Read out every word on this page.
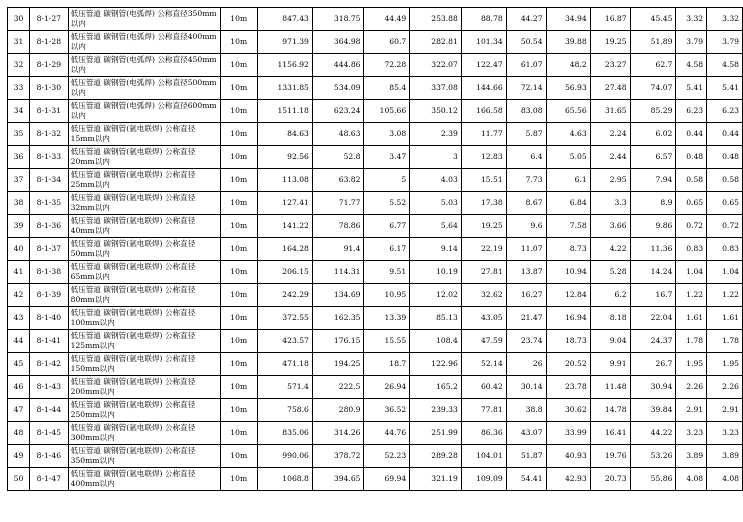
30	8-1-27	低压管道 碳钢管(电弧焊) 公称直径350mm以内	10m	847.43	318.75	44.49	253.88	88.78	44.27	34.94	16.87	45.45	3.32	3.32
31	8-1-28	低压管道 碳钢管(电弧焊) 公称直径400mm以内	10m	971.39	364.98	60.7	282.81	101.34	50.54	39.88	19.25	51.89	3.79	3.79
32	8-1-29	低压管道 碳钢管(电弧焊) 公称直径450mm以内	10m	1156.92	444.86	72.28	322.07	122.47	61.07	48.2	23.27	62.7	4.58	4.58
33	8-1-30	低压管道 碳钢管(电弧焊) 公称直径500mm以内	10m	1331.85	534.09	85.4	337.08	144.66	72.14	56.93	27.48	74.07	5.41	5.41
34	8-1-31	低压管道 碳钢管(电弧焊) 公称直径600mm以内	10m	1511.18	623.24	105.66	350.12	166.58	83.08	65.56	31.65	85.29	6.23	6.23
35	8-1-32	低压管道 碳钢管(氩电联焊) 公称直径15mm以内	10m	84.63	48.63	3.08	2.39	11.77	5.87	4.63	2.24	6.02	0.44	0.44
36	8-1-33	低压管道 碳钢管(氩电联焊) 公称直径20mm以内	10m	92.56	52.8	3.47	3	12.83	6.4	5.05	2.44	6.57	0.48	0.48
37	8-1-34	低压管道 碳钢管(氩电联焊) 公称直径25mm以内	10m	113.08	63.82	5	4.03	15.51	7.73	6.1	2.95	7.94	0.58	0.58
38	8-1-35	低压管道 碳钢管(氩电联焊) 公称直径32mm以内	10m	127.41	71.77	5.52	5.03	17.38	8.67	6.84	3.3	8.9	0.65	0.65
39	8-1-36	低压管道 碳钢管(氩电联焊) 公称直径40mm以内	10m	141.22	78.86	6.77	5.64	19.25	9.6	7.58	3.66	9.86	0.72	0.72
40	8-1-37	低压管道 碳钢管(氩电联焊) 公称直径50mm以内	10m	164.28	91.4	6.17	9.14	22.19	11.07	8.73	4.22	11.36	0.83	0.83
41	8-1-38	低压管道 碳钢管(氩电联焊) 公称直径65mm以内	10m	206.15	114.31	9.51	10.19	27.81	13.87	10.94	5.28	14.24	1.04	1.04
42	8-1-39	低压管道 碳钢管(氩电联焊) 公称直径80mm以内	10m	242.29	134.69	10.95	12.02	32.62	16.27	12.84	6.2	16.7	1.22	1.22
43	8-1-40	低压管道 碳钢管(氩电联焊) 公称直径100mm以内	10m	372.55	162.35	13.39	85.13	43.05	21.47	16.94	8.18	22.04	1.61	1.61
44	8-1-41	低压管道 碳钢管(氩电联焊) 公称直径125mm以内	10m	423.57	176.15	15.55	108.4	47.59	23.74	18.73	9.04	24.37	1.78	1.78
45	8-1-42	低压管道 碳钢管(氩电联焊) 公称直径150mm以内	10m	471.18	194.25	18.7	122.96	52.14	26	20.52	9.91	26.7	1.95	1.95
46	8-1-43	低压管道 碳钢管(氩电联焊) 公称直径200mm以内	10m	571.4	222.5	26.94	165.2	60.42	30.14	23.78	11.48	30.94	2.26	2.26
47	8-1-44	低压管道 碳钢管(氩电联焊) 公称直径250mm以内	10m	758.6	280.9	36.52	239.33	77.81	38.8	30.62	14.78	39.84	2.91	2.91
48	8-1-45	低压管道 碳钢管(氩电联焊) 公称直径300mm以内	10m	835.06	314.26	44.76	251.99	86.36	43.07	33.99	16.41	44.22	3.23	3.23
49	8-1-46	低压管道 碳钢管(氩电联焊) 公称直径350mm以内	10m	990.06	378.72	52.23	289.28	104.01	51.87	40.93	19.76	53.26	3.89	3.89
50	8-1-47	低压管道 碳钢管(氩电联焊) 公称直径400mm以内	10m	1068.8	394.65	69.94	321.19	109.09	54.41	42.93	20.73	55.86	4.08	4.08
